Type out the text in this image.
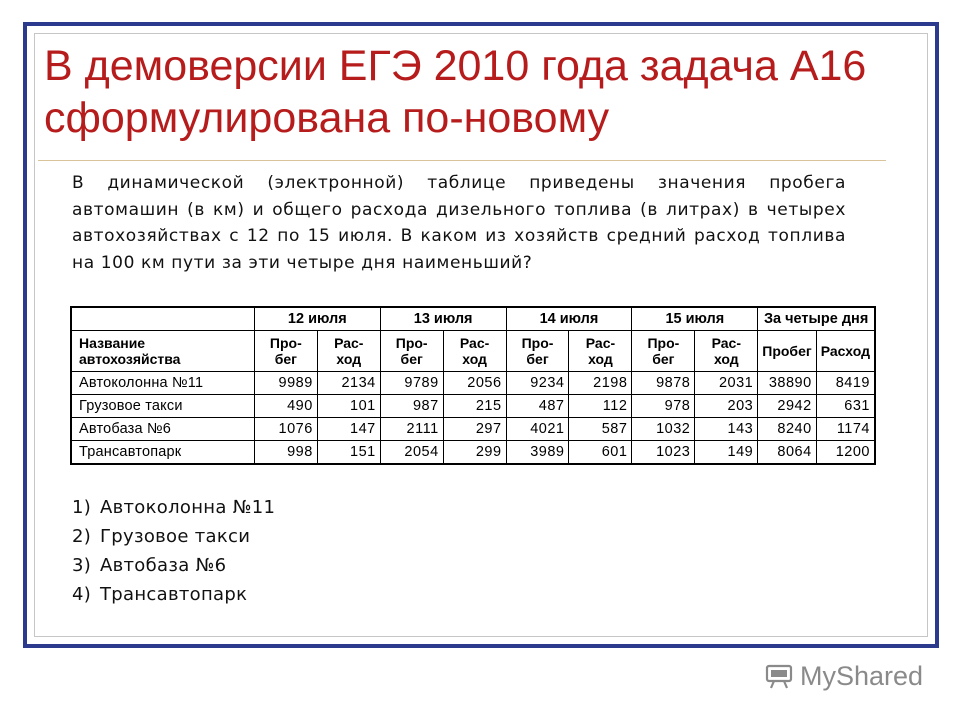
В демоверсии ЕГЭ 2010 года задача А16 сформулирована по-новому

В динамической (электронной) таблице приведены значения пробега автомашин (в км) и общего расхода дизельного топлива (в литрах) в четырех автохозяйствах с 12 по 15 июля. В каком из хозяйств средний расход топлива на 100 км пути за эти четыре дня наименьший?

	12 июля		13 июля		14 июля		15 июля		За четыре дня	
Название автохозяйства	Про-бег	Рас-ход	Про-бег	Рас-ход	Про-бег	Рас-ход	Про-бег	Рас-ход	Пробег	Расход
Автоколонна №11	9989	2134	9789	2056	9234	2198	9878	2031	38890	8419
Грузовое такси	490	101	987	215	487	112	978	203	2942	631
Автобаза №6	1076	147	2111	297	4021	587	1032	143	8240	1174
Трансавтопарк	998	151	2054	299	3989	601	1023	149	8064	1200
1) Автоколонна №11
2) Грузовое такси
3) Автобаза №6
4) Трансавтопарк
MyShared
